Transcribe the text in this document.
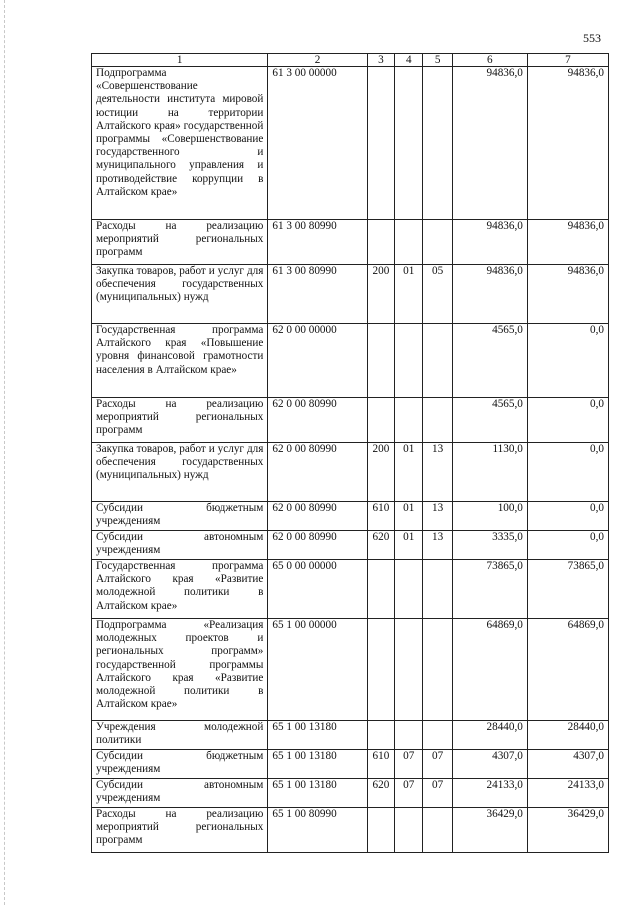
553
1	2	3	4	5	6	7
Подпрограмма «Совершенствование деятельности института мировой юстиции на территории Алтайского края» государственной программы «Совершенствование государственного и муниципального управления и противодействие коррупции в Алтайском крае»	61 3 00 00000				94836,0	94836,0
Расходы на реализацию мероприятий региональных программ	61 3 00 80990				94836,0	94836,0
Закупка товаров, работ и услуг для обеспечения государственных (муниципальных) нужд	61 3 00 80990	200	01	05	94836,0	94836,0
Государственная программа Алтайского края «Повышение уровня финансовой грамотности населения в Алтайском крае»	62 0 00 00000				4565,0	0,0
Расходы на реализацию мероприятий региональных программ	62 0 00 80990				4565,0	0,0
Закупка товаров, работ и услуг для обеспечения государственных (муниципальных) нужд	62 0 00 80990	200	01	13	1130,0	0,0
Субсидии бюджетным учреждениям	62 0 00 80990	610	01	13	100,0	0,0
Субсидии автономным учреждениям	62 0 00 80990	620	01	13	3335,0	0,0
Государственная программа Алтайского края «Развитие молодежной политики в Алтайском крае»	65 0 00 00000				73865,0	73865,0
Подпрограмма «Реализация молодежных проектов и региональных программ» государственной программы Алтайского края «Развитие молодежной политики в Алтайском крае»	65 1 00 00000				64869,0	64869,0
Учреждения молодежной политики	65 1 00 13180				28440,0	28440,0
Субсидии бюджетным учреждениям	65 1 00 13180	610	07	07	4307,0	4307,0
Субсидии автономным учреждениям	65 1 00 13180	620	07	07	24133,0	24133,0
Расходы на реализацию мероприятий региональных программ	65 1 00 80990				36429,0	36429,0
